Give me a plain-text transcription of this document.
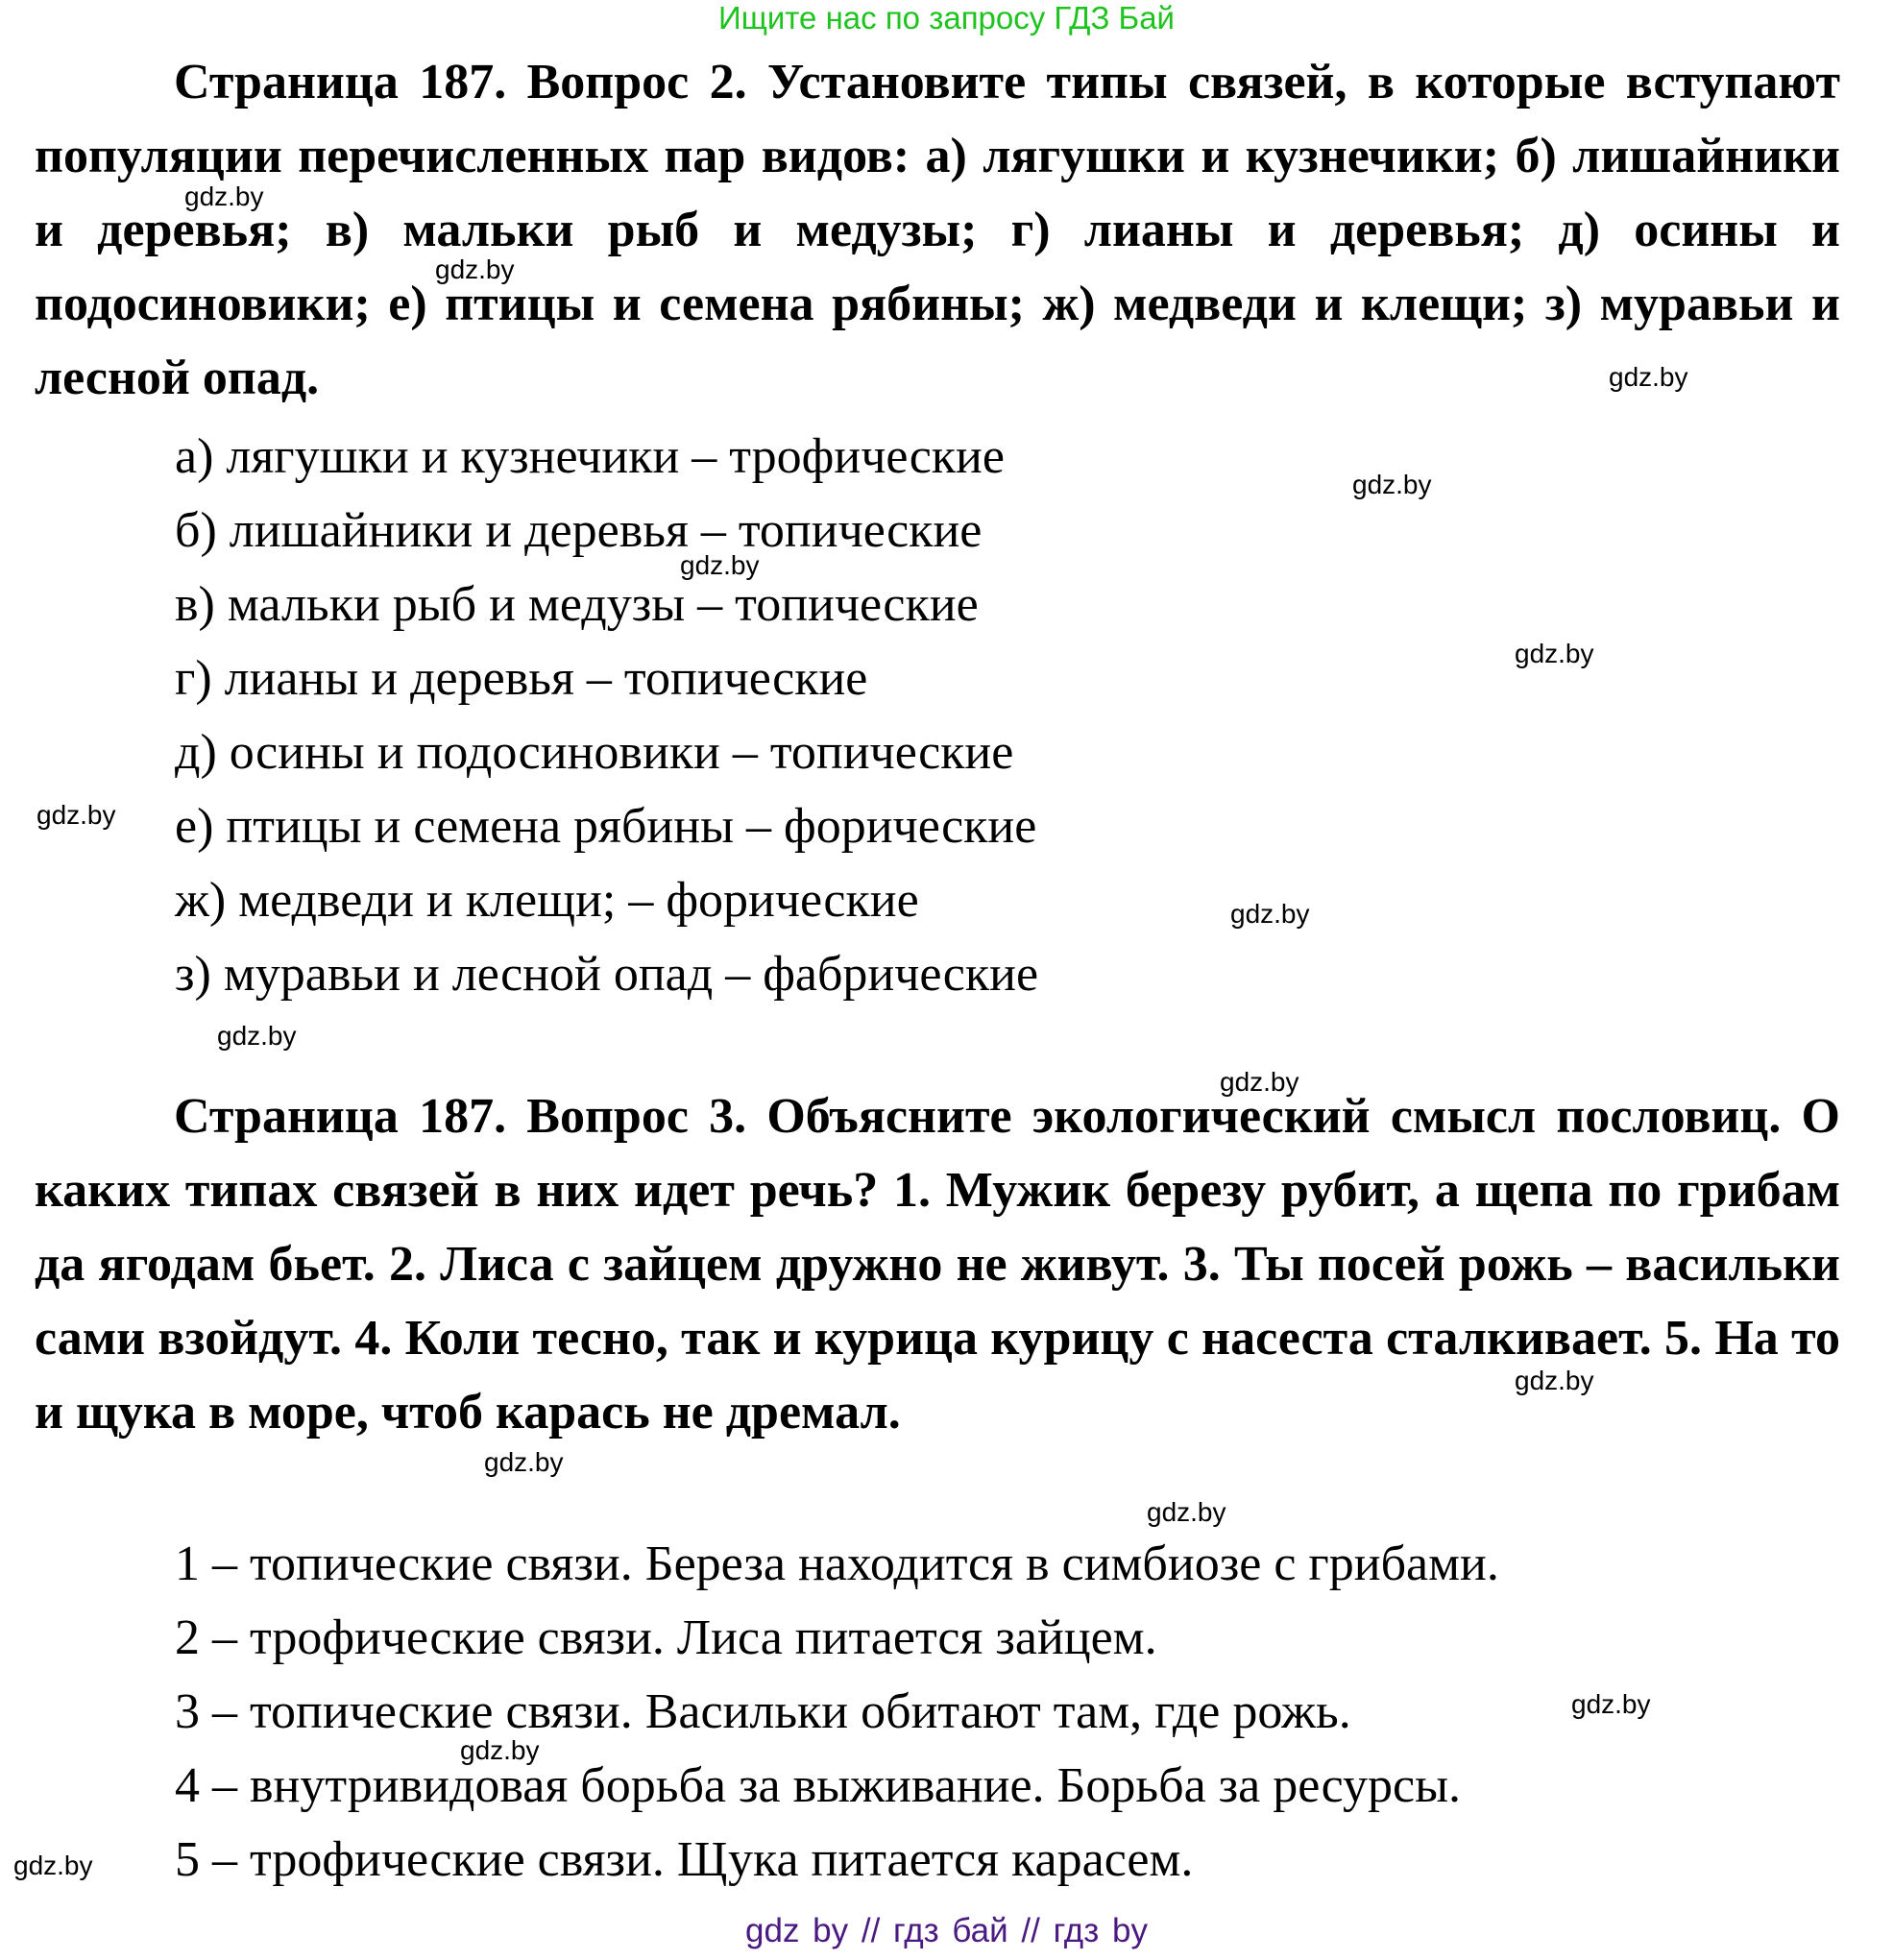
Ищите нас по запросу ГДЗ Бай
Страница 187. Вопрос 2. Установите типы связей, в которые вступают популяции перечисленных пар видов: а) лягушки и кузнечики; б) лишайники и деревья; в) мальки рыб и медузы; г) лианы и деревья; д) осины и подосиновики; е) птицы и семена рябины; ж) медведи и клещи; з) муравьи и лесной опад.
а) лягушки и кузнечики – трофические
б) лишайники и деревья – топические
в) мальки рыб и медузы – топические
г) лианы и деревья – топические
д) осины и подосиновики – топические
е) птицы и семена рябины – форические
ж) медведи и клещи; – форические
з) муравьи и лесной опад – фабрические
Страница 187. Вопрос 3. Объясните экологический смысл пословиц. О каких типах связей в них идет речь? 1. Мужик березу рубит, а щепа по грибам да ягодам бьет. 2. Лиса с зайцем дружно не живут. 3. Ты посей рожь – васильки сами взойдут. 4. Коли тесно, так и курица курицу с насеста сталкивает. 5. На то и щука в море, чтоб карась не дремал.
1 – топические связи. Береза находится в симбиозе с грибами.
2 – трофические связи. Лиса питается зайцем.
3 – топические связи. Васильки обитают там, где рожь.
4 – внутривидовая борьба за выживание. Борьба за ресурсы.
5 – трофические связи. Щука питается карасем.
gdz.by
gdz.by
gdz.by
gdz.by
gdz.by
gdz.by
gdz.by
gdz.by
gdz.by
gdz.by
gdz.by
gdz.by
gdz.by
gdz.by
gdz.by
gdz.by
gdz by // гдз бай // гдз by
